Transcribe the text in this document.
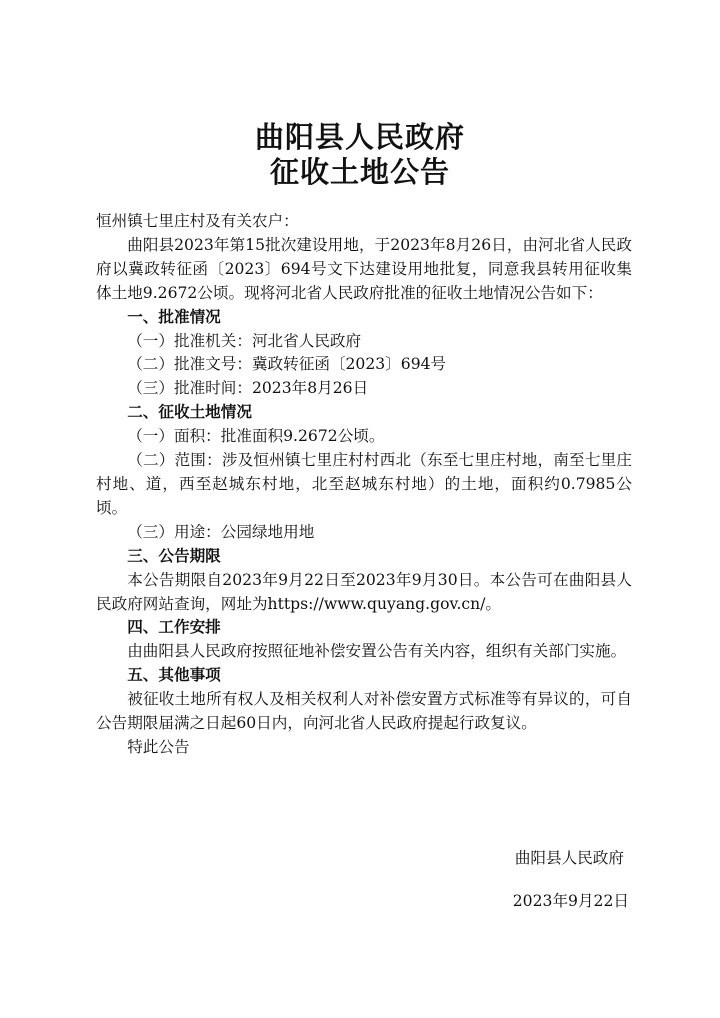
曲阳县人民政府
征收土地公告

恒州镇七里庄村及有关农户：

曲阳县2023年第15批次建设用地，于2023年8月26日，由河北省人民政府以冀政转征函〔2023〕694号文下达建设用地批复，同意我县转用征收集体土地9.2672公顷。现将河北省人民政府批准的征收土地情况公告如下：

一、批准情况

（一）批准机关：河北省人民政府

（二）批准文号：冀政转征函〔2023〕694号

（三）批准时间：2023年8月26日

二、征收土地情况

（一）面积：批准面积9.2672公顷。

（二）范围：涉及恒州镇七里庄村村西北（东至七里庄村地，南至七里庄村地、道，西至赵城东村地，北至赵城东村地）的土地，面积约0.7985公顷。

（三）用途：公园绿地用地

三、公告期限

本公告期限自2023年9月22日至2023年9月30日。本公告可在曲阳县人民政府网站查询，网址为https://www.quyang.gov.cn/。

四、工作安排

由曲阳县人民政府按照征地补偿安置公告有关内容，组织有关部门实施。

五、其他事项

被征收土地所有权人及相关权利人对补偿安置方式标准等有异议的，可自公告期限届满之日起60日内，向河北省人民政府提起行政复议。

特此公告

曲阳县人民政府
2023年9月22日
